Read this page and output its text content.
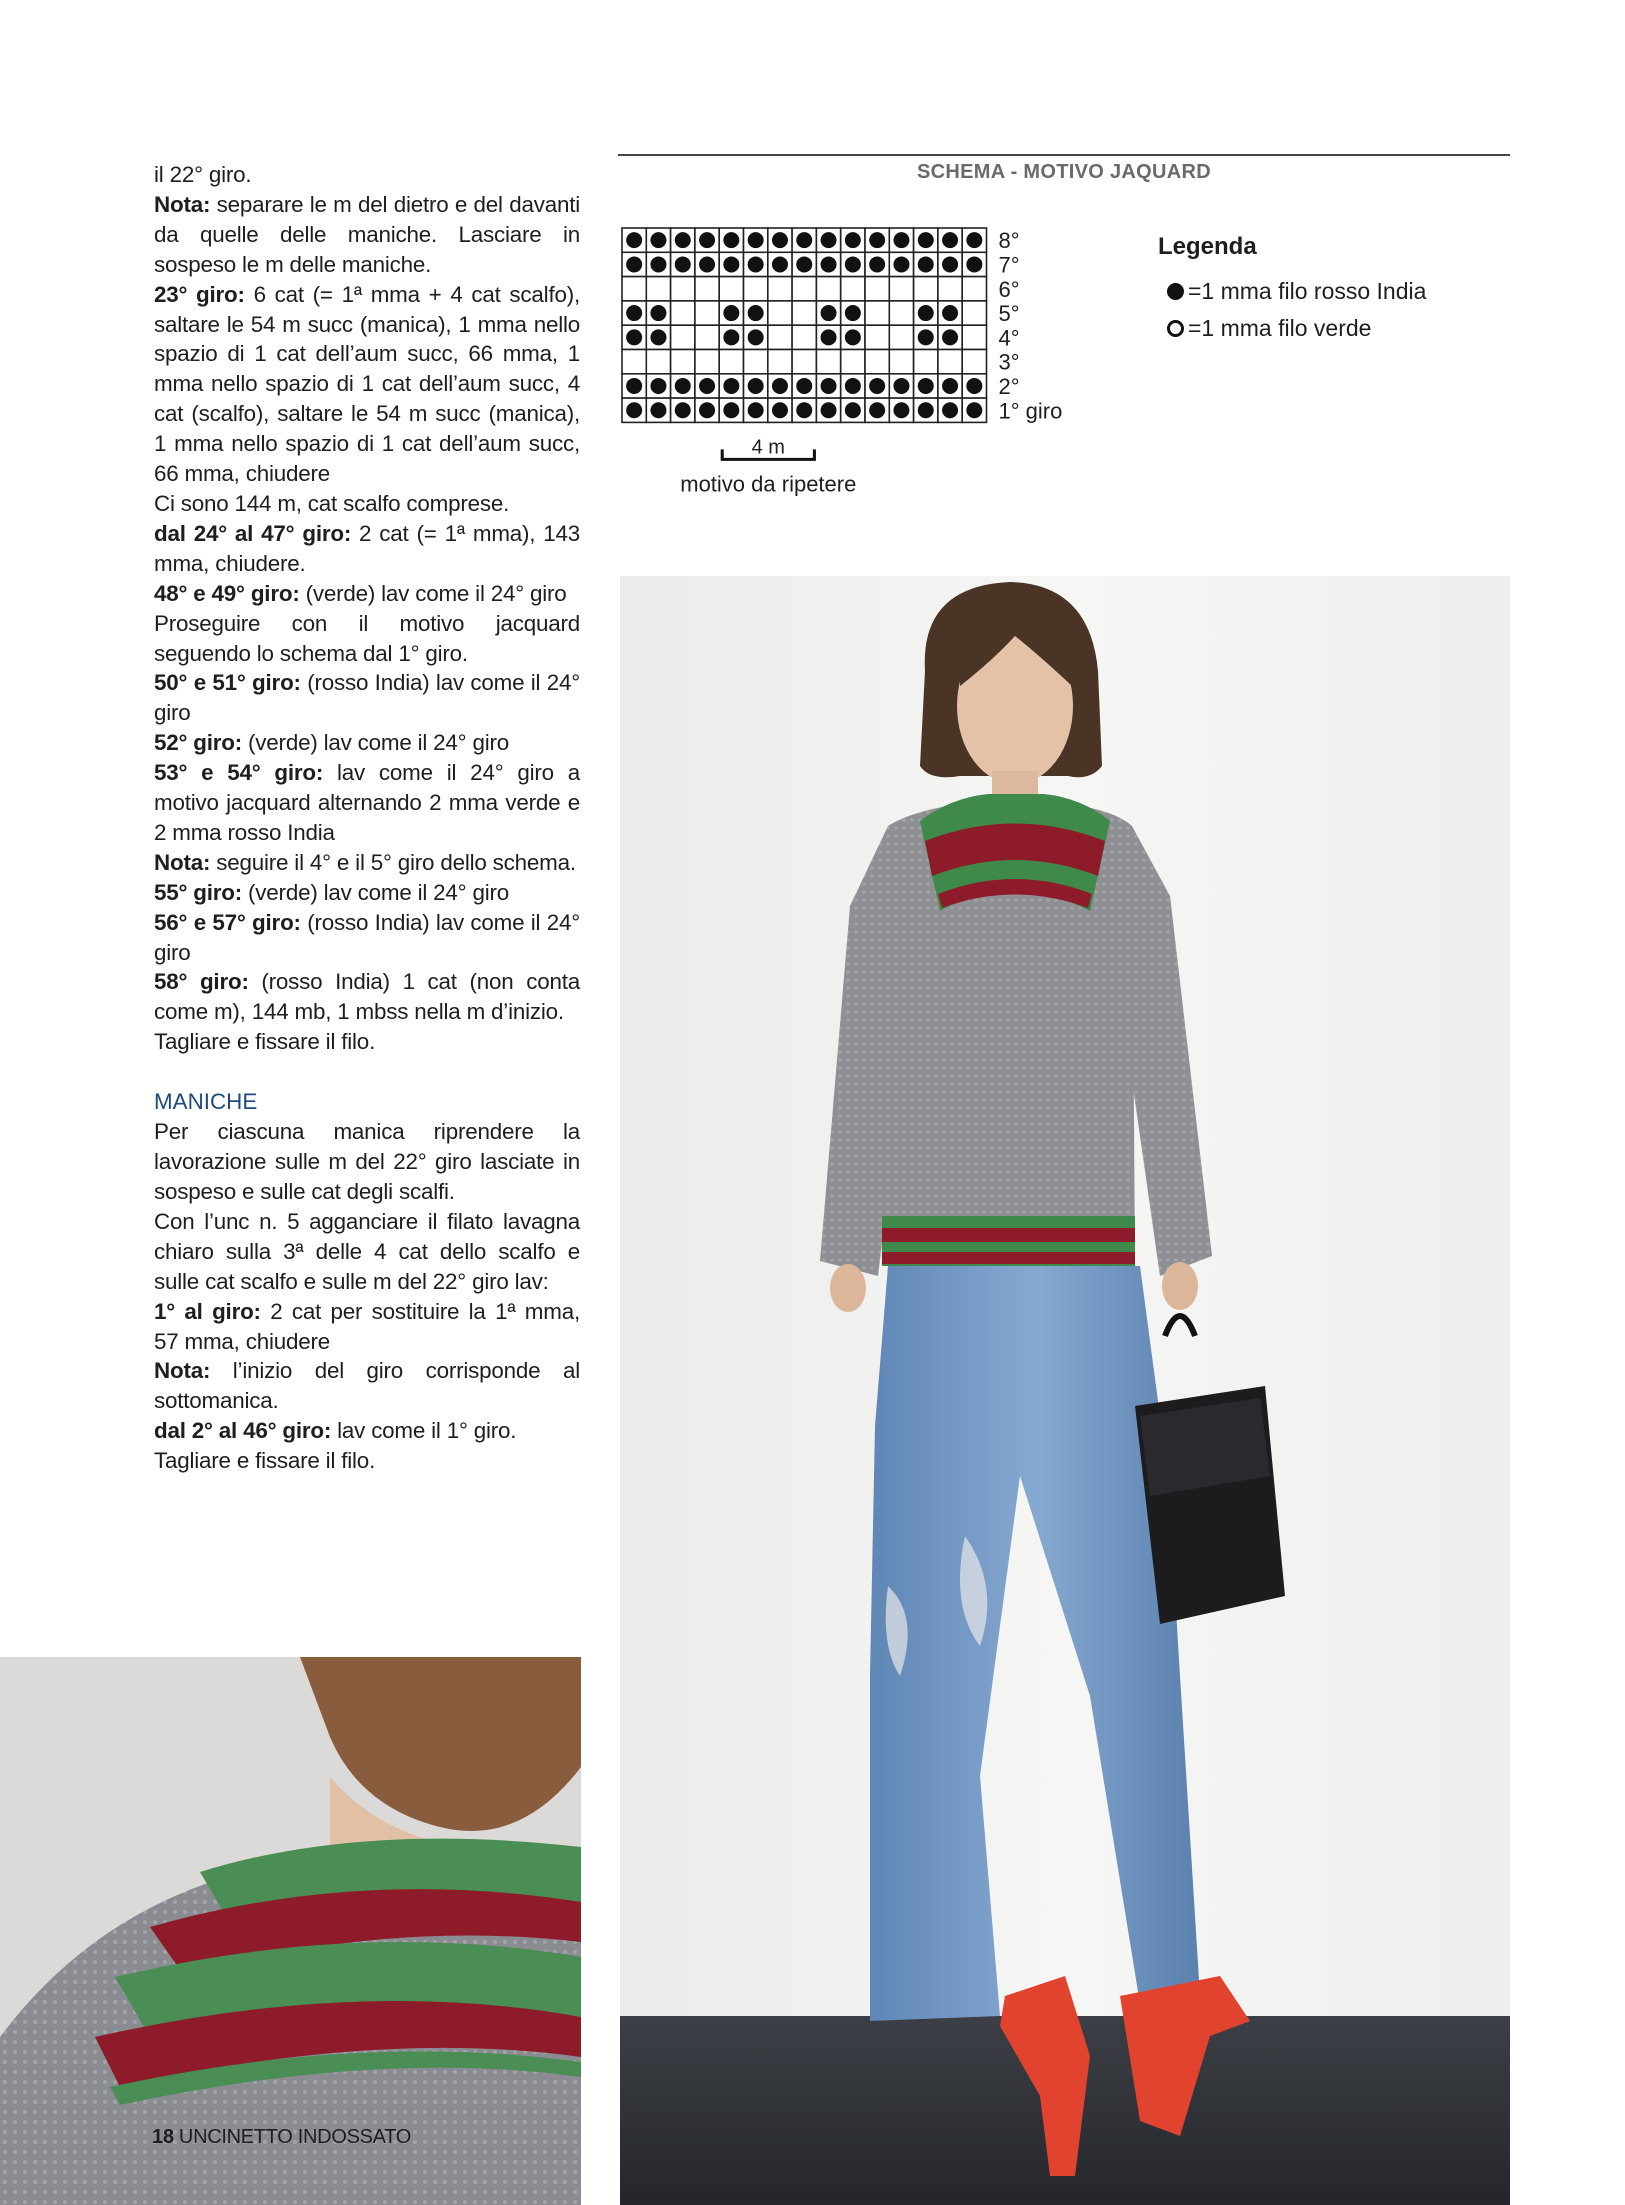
il 22° giro.

Nota: separare le m del dietro e del davanti da quelle delle maniche. Lasciare in sospeso le m delle maniche.

23° giro: 6 cat (= 1ª mma + 4 cat scalfo), saltare le 54 m succ (manica), 1 mma nello spazio di 1 cat dell’aum succ, 66 mma, 1 mma nello spazio di 1 cat dell’aum succ, 4 cat (scalfo), saltare le 54 m succ (manica), 1 mma nello spazio di 1 cat dell’aum succ, 66 mma, chiudere

Ci sono 144 m, cat scalfo comprese.

dal 24° al 47° giro: 2 cat (= 1ª mma), 143 mma, chiudere.

48° e 49° giro: (verde) lav come il 24° giro

Proseguire con il motivo jacquard seguendo lo schema dal 1° giro.

50° e 51° giro: (rosso India) lav come il 24° giro

52° giro: (verde) lav come il 24° giro

53° e 54° giro: lav come il 24° giro a motivo jacquard alternando 2 mma verde e 2 mma rosso India

Nota: seguire il 4° e il 5° giro dello schema.

55° giro: (verde) lav come il 24° giro

56° e 57° giro: (rosso India) lav come il 24° giro

58° giro: (rosso India) 1 cat (non conta come m), 144 mb, 1 mbss nella m d’inizio.

Tagliare e fissare il filo.

MANICHE

Per ciascuna manica riprendere la lavorazione sulle m del 22° giro lasciate in sospeso e sulle cat degli scalfi.

Con l’unc n. 5 agganciare il filato lavagna chiaro sulla 3ª delle 4 cat dello scalfo e sulle cat scalfo e sulle m del 22° giro lav:

1° al giro: 2 cat per sostituire la 1ª mma, 57 mma, chiudere

Nota: l’inizio del giro corrisponde al sottomanica.

dal 2° al 46° giro: lav come il 1° giro.

Tagliare e fissare il filo.

SCHEMA - MOTIVO JAQUARD
8°
7°
6°
5°
4°
3°
2°
1° giro
4 m
motivo da ripetere
Legenda
=1 mma filo rosso India
=1 mma filo verde
18 UNCINETTO INDOSSATO
